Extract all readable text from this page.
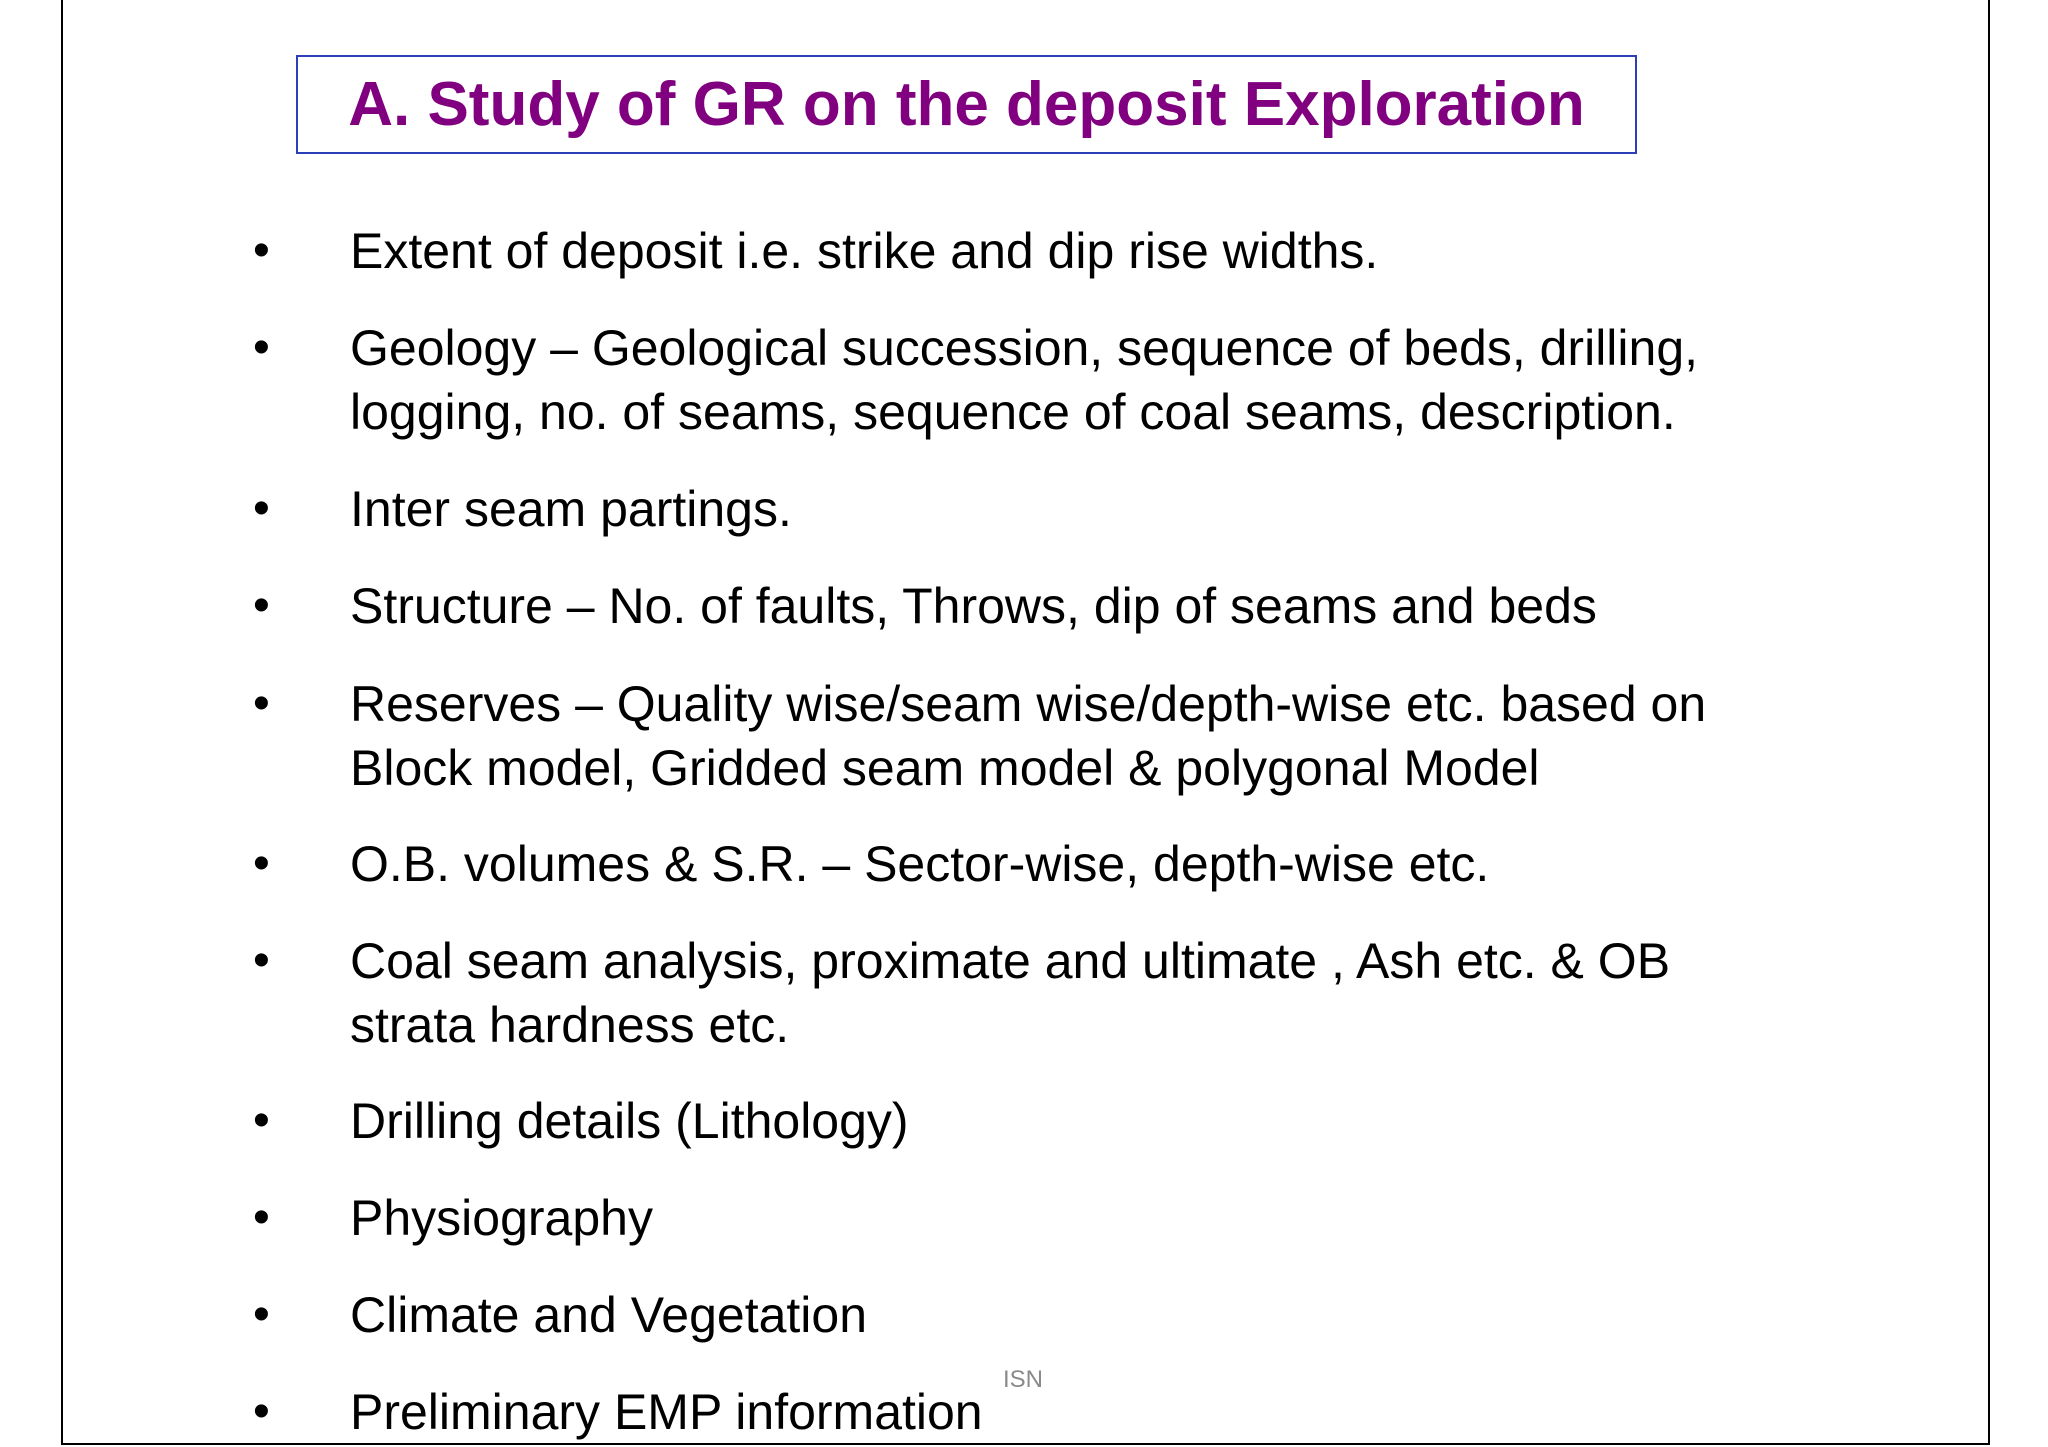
A. Study of GR on the deposit Exploration
• Extent of deposit i.e. strike and dip rise widths.
• Geology – Geological succession, sequence of beds, drilling,
logging, no. of seams, sequence of coal seams, description.
• Inter seam partings.
• Structure – No. of faults, Throws, dip of seams and beds
• Reserves – Quality wise/seam wise/depth-wise etc. based on
Block model, Gridded seam model & polygonal Model
• O.B. volumes & S.R. – Sector-wise, depth-wise etc.
• Coal seam analysis, proximate and ultimate , Ash etc. & OB
strata hardness etc.
• Drilling details (Lithology)
• Physiography
• Climate and Vegetation
• Preliminary EMP information
ISN
